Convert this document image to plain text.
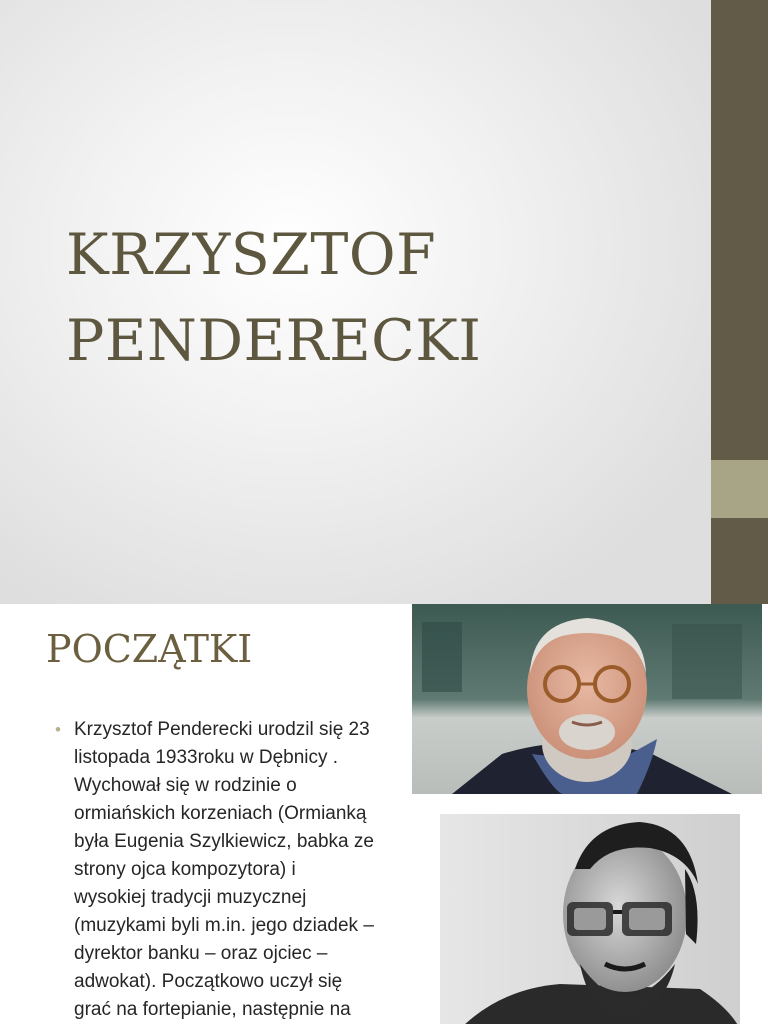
KRZYSZTOF
PENDERECKI
POCZĄTKI
• Krzysztof Penderecki urodzil się 23
listopada 1933roku w Dębnicy .
Wychował się w rodzinie o
ormiańskich korzeniach (Ormianką
była Eugenia Szylkiewicz, babka ze
strony ojca kompozytora) i
wysokiej tradycji muzycznej
(muzykami byli m.in. jego dziadek –
dyrektor banku – oraz ojciec –
adwokat). Początkowo uczył się
grać na fortepianie, następnie na
